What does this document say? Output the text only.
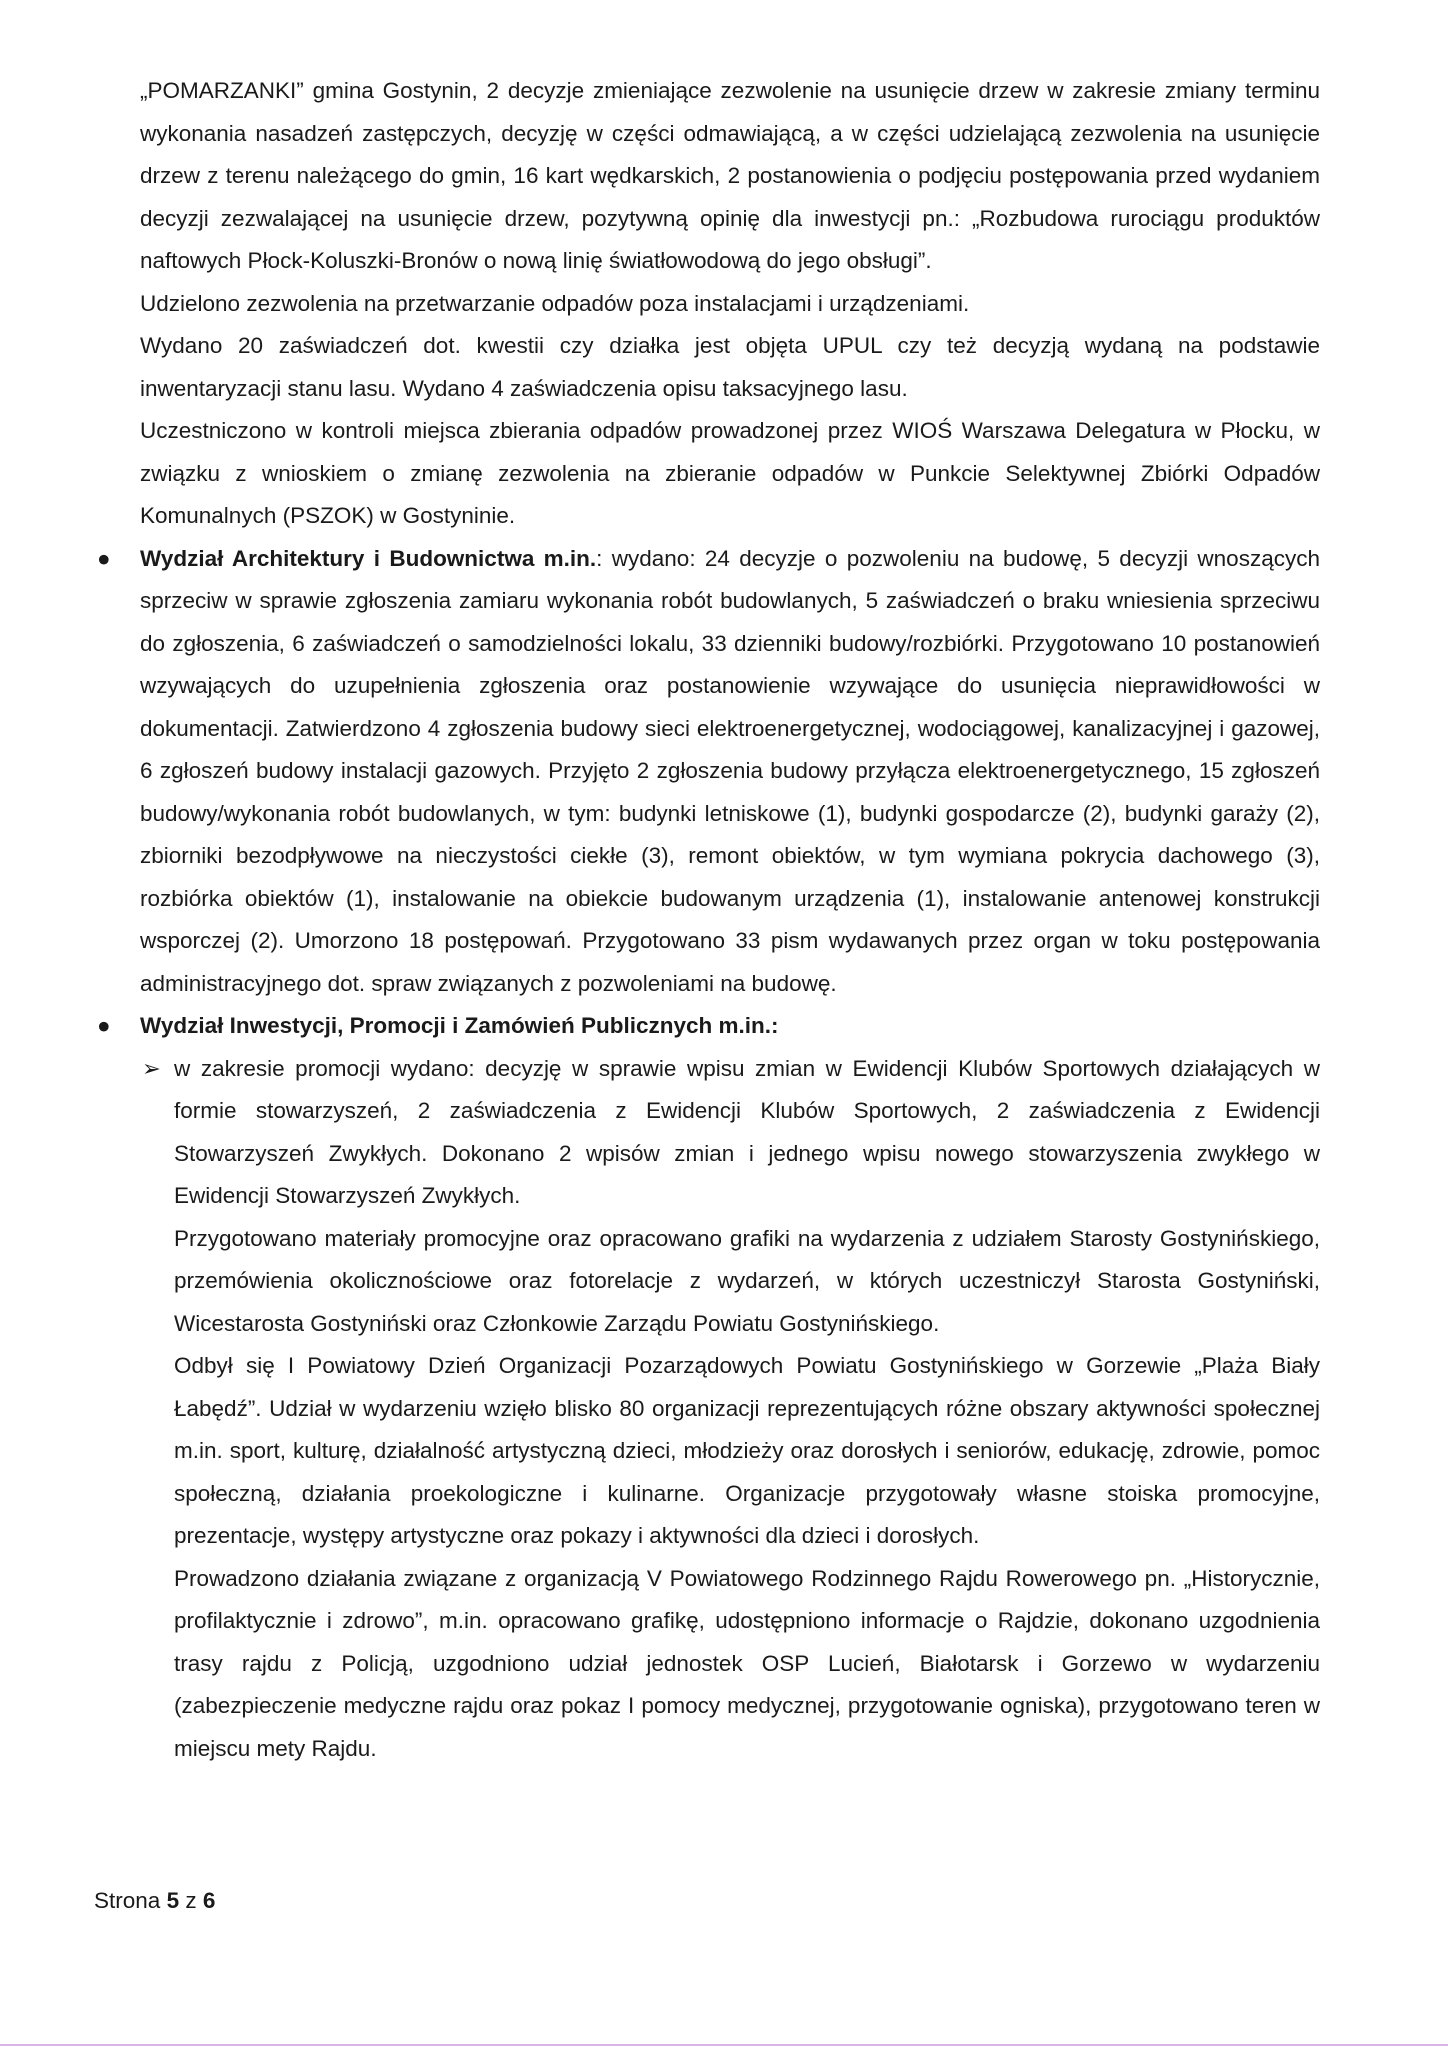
„POMARZANKI” gmina Gostynin, 2 decyzje zmieniające zezwolenie na usunięcie drzew w zakresie zmiany terminu wykonania nasadzeń zastępczych, decyzję w części odmawiającą, a w części udzielającą zezwolenia na usunięcie drzew z terenu należącego do gmin, 16 kart wędkarskich, 2 postanowienia o podjęciu postępowania przed wydaniem decyzji zezwalającej na usunięcie drzew, pozytywną opinię dla inwestycji pn.: „Rozbudowa rurociągu produktów naftowych Płock-Koluszki-Bronów o nową linię światłowodową do jego obsługi”.

Udzielono zezwolenia na przetwarzanie odpadów poza instalacjami i urządzeniami.

Wydano 20 zaświadczeń dot. kwestii czy działka jest objęta UPUL czy też decyzją wydaną na podstawie inwentaryzacji stanu lasu. Wydano 4 zaświadczenia opisu taksacyjnego lasu.

Uczestniczono w kontroli miejsca zbierania odpadów prowadzonej przez WIOŚ Warszawa Delegatura w Płocku, w związku z wnioskiem o zmianę zezwolenia na zbieranie odpadów w Punkcie Selektywnej Zbiórki Odpadów Komunalnych (PSZOK) w Gostyninie.

● Wydział Architektury i Budownictwa m.in.: wydano: 24 decyzje o pozwoleniu na budowę, 5 decyzji wnoszących sprzeciw w sprawie zgłoszenia zamiaru wykonania robót budowlanych, 5 zaświadczeń o braku wniesienia sprzeciwu do zgłoszenia, 6 zaświadczeń o samodzielności lokalu, 33 dzienniki budowy/rozbiórki. Przygotowano 10 postanowień wzywających do uzupełnienia zgłoszenia oraz postanowienie wzywające do usunięcia nieprawidłowości w dokumentacji. Zatwierdzono 4 zgłoszenia budowy sieci elektroenergetycznej, wodociągowej, kanalizacyjnej i gazowej, 6 zgłoszeń budowy instalacji gazowych. Przyjęto 2 zgłoszenia budowy przyłącza elektroenergetycznego, 15 zgłoszeń budowy/wykonania robót budowlanych, w tym: budynki letniskowe (1), budynki gospodarcze (2), budynki garaży (2), zbiorniki bezodpływowe na nieczystości ciekłe (3), remont obiektów, w tym wymiana pokrycia dachowego (3), rozbiórka obiektów (1), instalowanie na obiekcie budowanym urządzenia (1), instalowanie antenowej konstrukcji wsporczej (2). Umorzono 18 postępowań. Przygotowano 33 pism wydawanych przez organ w toku postępowania administracyjnego dot. spraw związanych z pozwoleniami na budowę.

● Wydział Inwestycji, Promocji i Zamówień Publicznych m.in.:

➢ w zakresie promocji wydano: decyzję w sprawie wpisu zmian w Ewidencji Klubów Sportowych działających w formie stowarzyszeń, 2 zaświadczenia z Ewidencji Klubów Sportowych, 2 zaświadczenia z Ewidencji Stowarzyszeń Zwykłych. Dokonano 2 wpisów zmian i jednego wpisu nowego stowarzyszenia zwykłego w Ewidencji Stowarzyszeń Zwykłych.

Przygotowano materiały promocyjne oraz opracowano grafiki na wydarzenia z udziałem Starosty Gostynińskiego, przemówienia okolicznościowe oraz fotorelacje z wydarzeń, w których uczestniczył Starosta Gostyniński, Wicestarosta Gostyniński oraz Członkowie Zarządu Powiatu Gostynińskiego.

Odbył się I Powiatowy Dzień Organizacji Pozarządowych Powiatu Gostynińskiego w Gorzewie „Plaża Biały Łabędź”. Udział w wydarzeniu wzięło blisko 80 organizacji reprezentujących różne obszary aktywności społecznej m.in. sport, kulturę, działalność artystyczną dzieci, młodzieży oraz dorosłych i seniorów, edukację, zdrowie, pomoc społeczną, działania proekologiczne i kulinarne. Organizacje przygotowały własne stoiska promocyjne, prezentacje, występy artystyczne oraz pokazy i aktywności dla dzieci i dorosłych.

Prowadzono działania związane z organizacją V Powiatowego Rodzinnego Rajdu Rowerowego pn. „Historycznie, profilaktycznie i zdrowo”, m.in. opracowano grafikę, udostępniono informacje o Rajdzie, dokonano uzgodnienia trasy rajdu z Policją, uzgodniono udział jednostek OSP Lucień, Białotarsk i Gorzewo w wydarzeniu (zabezpieczenie medyczne rajdu oraz pokaz I pomocy medycznej, przygotowanie ogniska), przygotowano teren w miejscu mety Rajdu.

Strona 5 z 6
